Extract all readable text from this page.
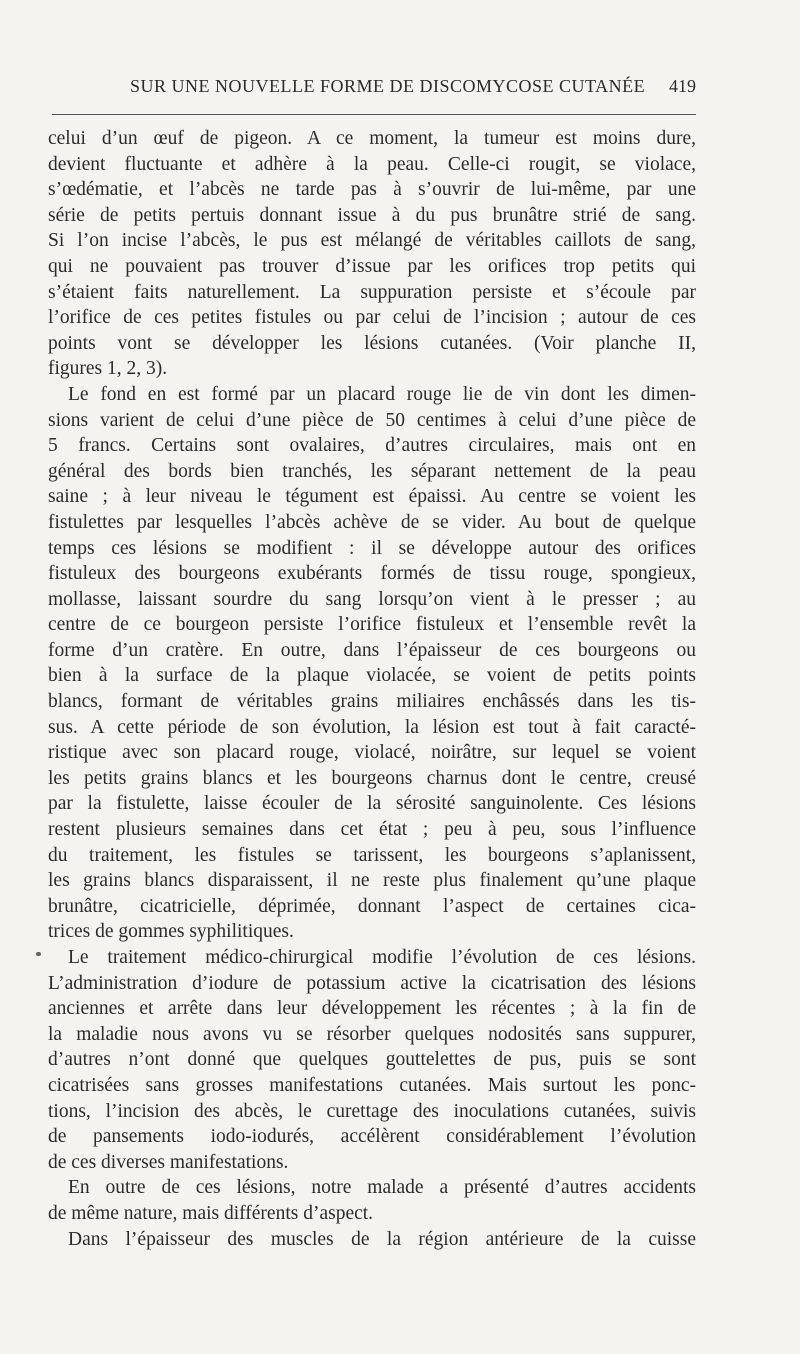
SUR UNE NOUVELLE FORME DE DISCOMYCOSE CUTANÉE 419
celui d’un œuf de pigeon. A ce moment, la tumeur est moins dure,
devient fluctuante et adhère à la peau. Celle-ci rougit, se violace,
s’œdématie, et l’abcès ne tarde pas à s’ouvrir de lui-même, par une
série de petits pertuis donnant issue à du pus brunâtre strié de sang.
Si l’on incise l’abcès, le pus est mélangé de véritables caillots de sang,
qui ne pouvaient pas trouver d’issue par les orifices trop petits qui
s’étaient faits naturellement. La suppuration persiste et s’écoule par
l’orifice de ces petites fistules ou par celui de l’incision ; autour de ces
points vont se développer les lésions cutanées. (Voir planche II,
figures 1, 2, 3).
Le fond en est formé par un placard rouge lie de vin dont les dimen-
sions varient de celui d’une pièce de 50 centimes à celui d’une pièce de
5 francs. Certains sont ovalaires, d’autres circulaires, mais ont en
général des bords bien tranchés, les séparant nettement de la peau
saine ; à leur niveau le tégument est épaissi. Au centre se voient les
fistulettes par lesquelles l’abcès achève de se vider. Au bout de quelque
temps ces lésions se modifient : il se développe autour des orifices
fistuleux des bourgeons exubérants formés de tissu rouge, spongieux,
mollasse, laissant sourdre du sang lorsqu’on vient à le presser ; au
centre de ce bourgeon persiste l’orifice fistuleux et l’ensemble revêt la
forme d’un cratère. En outre, dans l’épaisseur de ces bourgeons ou
bien à la surface de la plaque violacée, se voient de petits points
blancs, formant de véritables grains miliaires enchâssés dans les tis-
sus. A cette période de son évolution, la lésion est tout à fait caracté-
ristique avec son placard rouge, violacé, noirâtre, sur lequel se voient
les petits grains blancs et les bourgeons charnus dont le centre, creusé
par la fistulette, laisse écouler de la sérosité sanguinolente. Ces lésions
restent plusieurs semaines dans cet état ; peu à peu, sous l’influence
du traitement, les fistules se tarissent, les bourgeons s’aplanissent,
les grains blancs disparaissent, il ne reste plus finalement qu’une plaque
brunâtre, cicatricielle, déprimée, donnant l’aspect de certaines cica-
trices de gommes syphilitiques.
Le traitement médico-chirurgical modifie l’évolution de ces lésions.
L’administration d’iodure de potassium active la cicatrisation des lésions
anciennes et arrête dans leur développement les récentes ; à la fin de
la maladie nous avons vu se résorber quelques nodosités sans suppurer,
d’autres n’ont donné que quelques gouttelettes de pus, puis se sont
cicatrisées sans grosses manifestations cutanées. Mais surtout les ponc-
tions, l’incision des abcès, le curettage des inoculations cutanées, suivis
de pansements iodo-iodurés, accélèrent considérablement l’évolution
de ces diverses manifestations.
En outre de ces lésions, notre malade a présenté d’autres accidents
de même nature, mais différents d’aspect.
Dans l’épaisseur des muscles de la région antérieure de la cuisse
